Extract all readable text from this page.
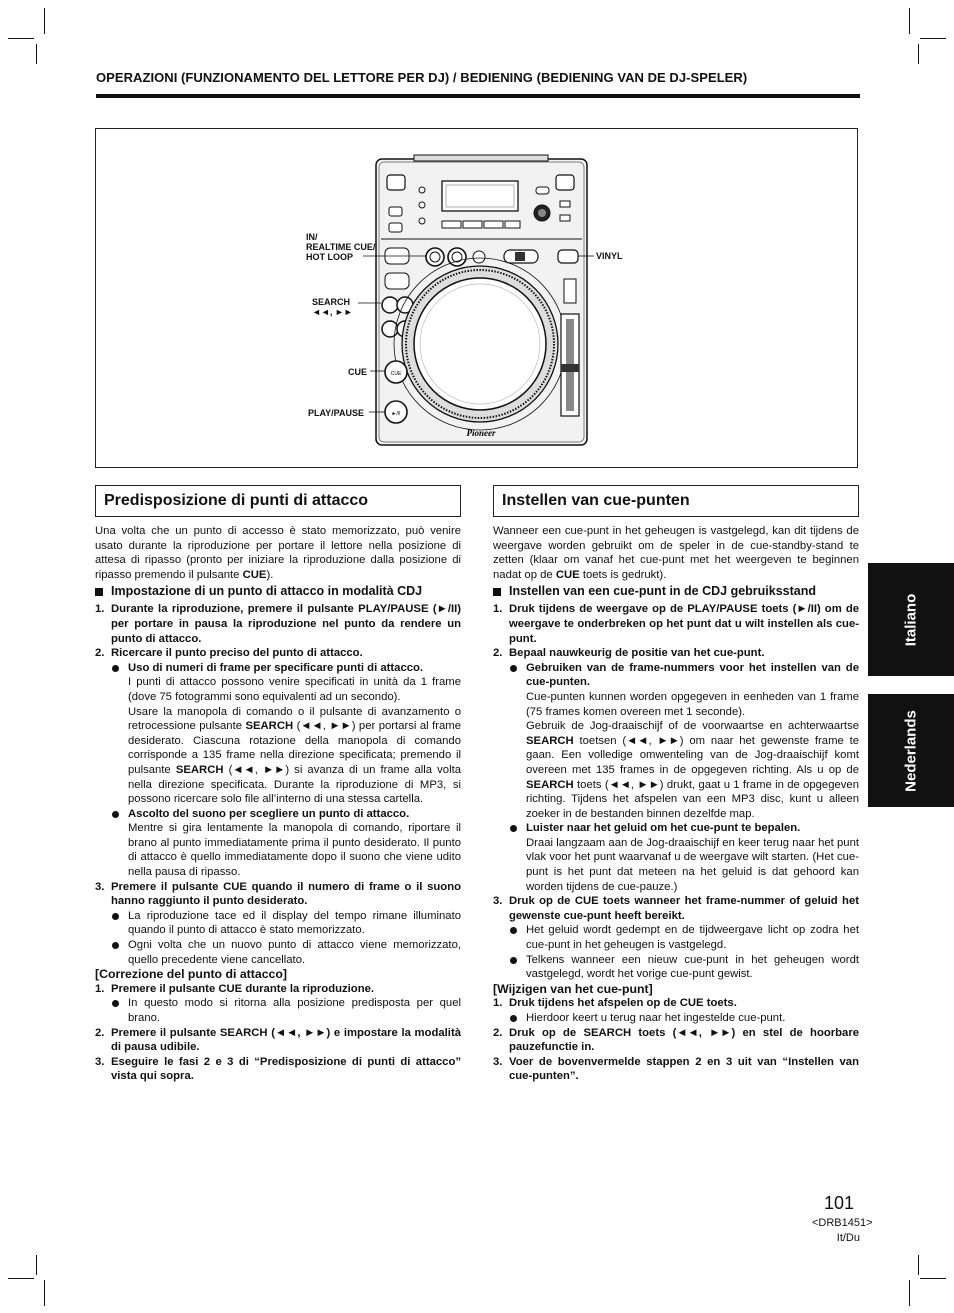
OPERAZIONI (FUNZIONAMENTO DEL LETTORE PER DJ) / BEDIENING (BEDIENING VAN DE DJ-SPELER)
CUE
►/II
Pioneer
IN/
REALTIME CUE/
HOT LOOP
SEARCH
◄◄, ►►
CUE
PLAY/PAUSE
VINYL
Predisposizione di punti di attacco	Instellen van cue-punten

Una volta che un punto di accesso è stato memorizzato, può venire usato durante la riproduzione per portare il lettore nella posizione di attesa di ripasso (pronto per iniziare la riproduzione dalla posizione di ripasso premendo il pulsante CUE).

Impostazione di un punto di attacco in modalità CDJ

1. Durante la riproduzione, premere il pulsante PLAY/PAUSE (►/II) per portare in pausa la riproduzione nel punto da rendere un punto di attacco.

2. Ricercare il punto preciso del punto di attacco.

Uso di numeri di frame per specificare punti di attacco.

I punti di attacco possono venire specificati in unità da 1 frame (dove 75 fotogrammi sono equivalenti ad un secondo).

Usare la manopola di comando o il pulsante di avanzamento o retrocessione pulsante SEARCH (◄◄, ►►) per portarsi al frame desiderato. Ciascuna rotazione della manopola di comando corrisponde a 135 frame nella direzione specificata; premendo il pulsante SEARCH (◄◄, ►►) si avanza di un frame alla volta nella direzione specificata. Durante la riproduzione di MP3, si possono ricercare solo file all’interno di una stessa cartella.

Ascolto del suono per scegliere un punto di attacco.

Mentre si gira lentamente la manopola di comando, riportare il brano al punto immediatamente prima il punto desiderato. Il punto di attacco è quello immediatamente dopo il suono che viene udito nella pausa di ripasso.

3. Premere il pulsante CUE quando il numero di frame o il suono hanno raggiunto il punto desiderato.

La riproduzione tace ed il display del tempo rimane illuminato quando il punto di attacco è stato memorizzato.

Ogni volta che un nuovo punto di attacco viene memorizzato, quello precedente viene cancellato.

[Correzione del punto di attacco]

1. Premere il pulsante CUE durante la riproduzione.

In questo modo si ritorna alla posizione predisposta per quel brano.

2. Premere il pulsante SEARCH (◄◄, ►►) e impostare la modalità di pausa udibile.

3. Eseguire le fasi 2 e 3 di “Predisposizione di punti di attacco” vista qui sopra.

Wanneer een cue-punt in het geheugen is vastgelegd, kan dit tijdens de weergave worden gebruikt om de speler in de cue-standby-stand te zetten (klaar om vanaf het cue-punt met het weergeven te beginnen nadat op de CUE toets is gedrukt).

Instellen van een cue-punt in de CDJ gebruiksstand

1. Druk tijdens de weergave op de PLAY/PAUSE toets (►/II) om de weergave te onderbreken op het punt dat u wilt instellen als cue-punt.

2. Bepaal nauwkeurig de positie van het cue-punt.

Gebruiken van de frame-nummers voor het instellen van de cue-punten.

Cue-punten kunnen worden opgegeven in eenheden van 1 frame (75 frames komen overeen met 1 seconde).

Gebruik de Jog-draaischijf of de voorwaartse en achterwaartse SEARCH toetsen (◄◄, ►►) om naar het gewenste frame te gaan. Een volledige omwenteling van de Jog-draaischijf komt overeen met 135 frames in de opgegeven richting. Als u op de SEARCH toets (◄◄, ►►) drukt, gaat u 1 frame in de opgegeven richting. Tijdens het afspelen van een MP3 disc, kunt u alleen zoeker in de bestanden binnen dezelfde map.

Luister naar het geluid om het cue-punt te bepalen.

Draai langzaam aan de Jog-draaischijf en keer terug naar het punt vlak voor het punt waarvanaf u de weergave wilt starten. (Het cue-punt is het punt dat meteen na het geluid is dat gehoord kan worden tijdens de cue-pauze.)

3. Druk op de CUE toets wanneer het frame-nummer of geluid het gewenste cue-punt heeft bereikt.

Het geluid wordt gedempt en de tijdweergave licht op zodra het cue-punt in het geheugen is vastgelegd.

Telkens wanneer een nieuw cue-punt in het geheugen wordt vastgelegd, wordt het vorige cue-punt gewist.

[Wijzigen van het cue-punt]

1. Druk tijdens het afspelen op de CUE toets.

Hierdoor keert u terug naar het ingestelde cue-punt.

2. Druk op de SEARCH toets (◄◄, ►►) en stel de hoorbare pauzefunctie in.

3. Voer de bovenvermelde stappen 2 en 3 uit van “Instellen van cue-punten”.

Italiano
Nederlands
101
<DRB1451>
It/Du
